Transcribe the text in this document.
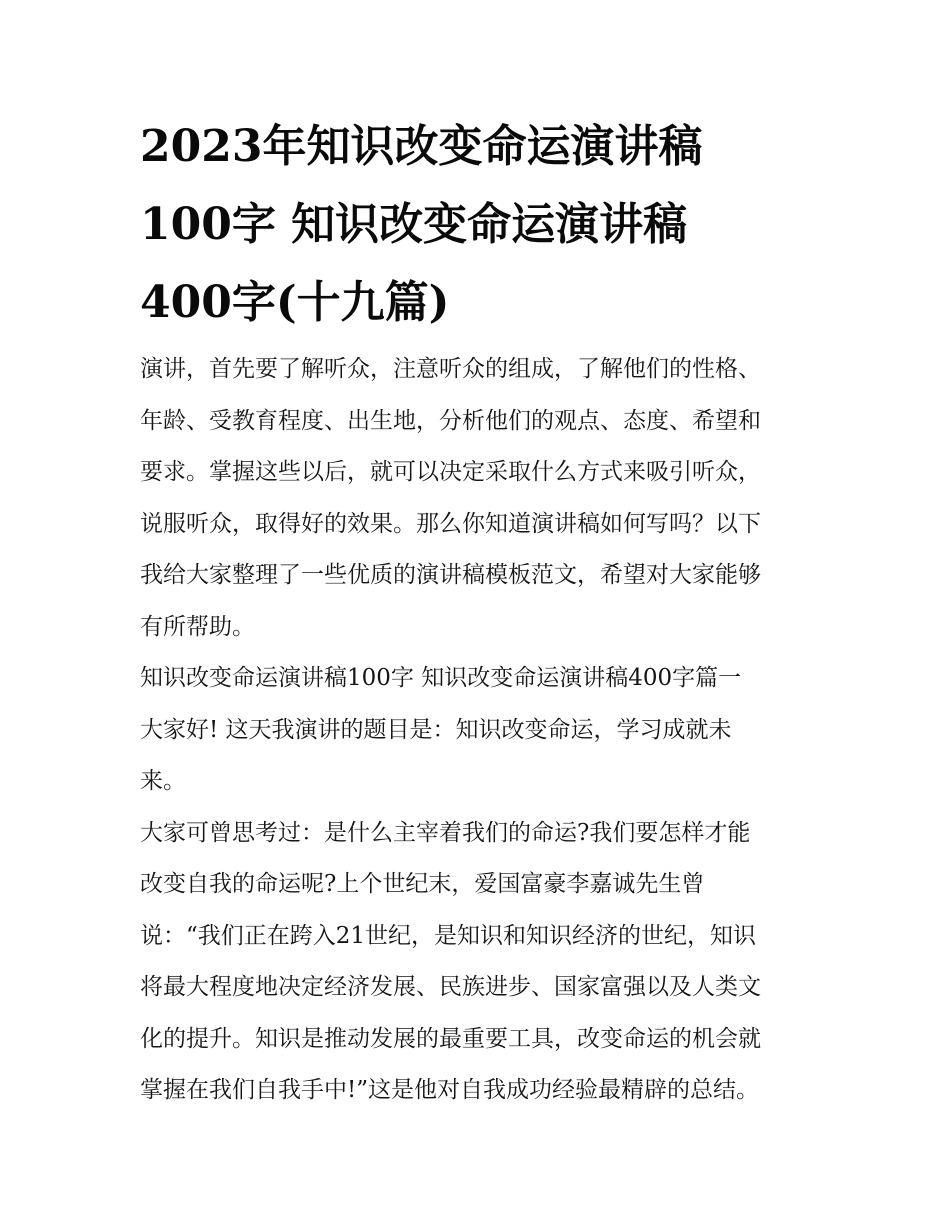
2023年知识改变命运演讲稿
100字 知识改变命运演讲稿
400字(十九篇)

演讲，首先要了解听众，注意听众的组成，了解他们的性格、
年龄、受教育程度、出生地，分析他们的观点、态度、希望和
要求。掌握这些以后，就可以决定采取什么方式来吸引听众，
说服听众，取得好的效果。那么你知道演讲稿如何写吗？以下
我给大家整理了一些优质的演讲稿模板范文，希望对大家能够
有所帮助。

知识改变命运演讲稿100字 知识改变命运演讲稿400字篇一

大家好! 这天我演讲的题目是：知识改变命运，学习成就未
来。

大家可曾思考过：是什么主宰着我们的命运?我们要怎样才能
改变自我的命运呢?上个世纪末，爱国富豪李嘉诚先生曾
说：“我们正在跨入21世纪，是知识和知识经济的世纪，知识
将最大程度地决定经济发展、民族进步、国家富强以及人类文
化的提升。知识是推动发展的最重要工具，改变命运的机会就
掌握在我们自我手中!”这是他对自我成功经验最精辟的总结。
